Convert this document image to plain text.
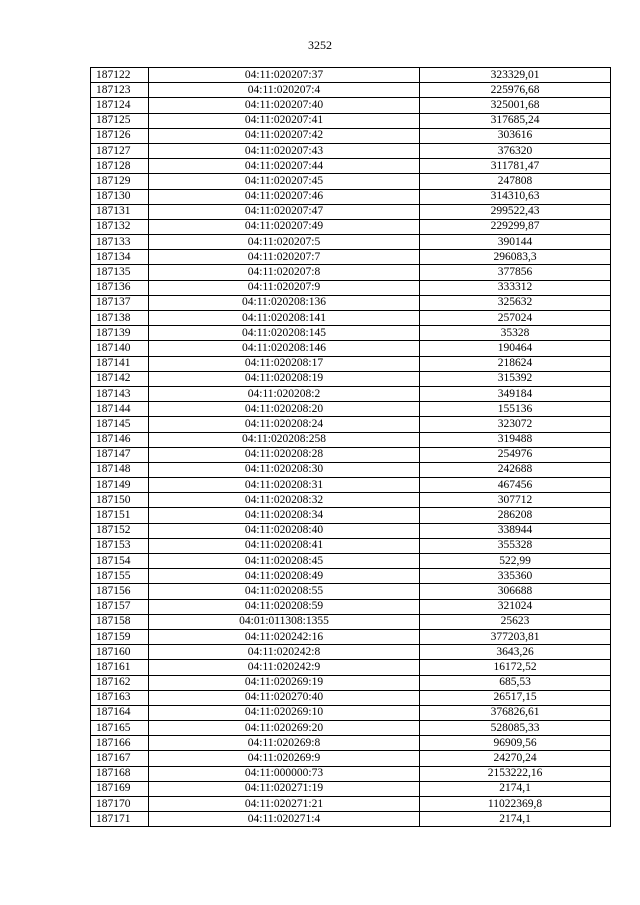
3252
187122	04:11:020207:37	323329,01
187123	04:11:020207:4	225976,68
187124	04:11:020207:40	325001,68
187125	04:11:020207:41	317685,24
187126	04:11:020207:42	303616
187127	04:11:020207:43	376320
187128	04:11:020207:44	311781,47
187129	04:11:020207:45	247808
187130	04:11:020207:46	314310,63
187131	04:11:020207:47	299522,43
187132	04:11:020207:49	229299,87
187133	04:11:020207:5	390144
187134	04:11:020207:7	296083,3
187135	04:11:020207:8	377856
187136	04:11:020207:9	333312
187137	04:11:020208:136	325632
187138	04:11:020208:141	257024
187139	04:11:020208:145	35328
187140	04:11:020208:146	190464
187141	04:11:020208:17	218624
187142	04:11:020208:19	315392
187143	04:11:020208:2	349184
187144	04:11:020208:20	155136
187145	04:11:020208:24	323072
187146	04:11:020208:258	319488
187147	04:11:020208:28	254976
187148	04:11:020208:30	242688
187149	04:11:020208:31	467456
187150	04:11:020208:32	307712
187151	04:11:020208:34	286208
187152	04:11:020208:40	338944
187153	04:11:020208:41	355328
187154	04:11:020208:45	522,99
187155	04:11:020208:49	335360
187156	04:11:020208:55	306688
187157	04:11:020208:59	321024
187158	04:01:011308:1355	25623
187159	04:11:020242:16	377203,81
187160	04:11:020242:8	3643,26
187161	04:11:020242:9	16172,52
187162	04:11:020269:19	685,53
187163	04:11:020270:40	26517,15
187164	04:11:020269:10	376826,61
187165	04:11:020269:20	528085,33
187166	04:11:020269:8	96909,56
187167	04:11:020269:9	24270,24
187168	04:11:000000:73	2153222,16
187169	04:11:020271:19	2174,1
187170	04:11:020271:21	11022369,8
187171	04:11:020271:4	2174,1
